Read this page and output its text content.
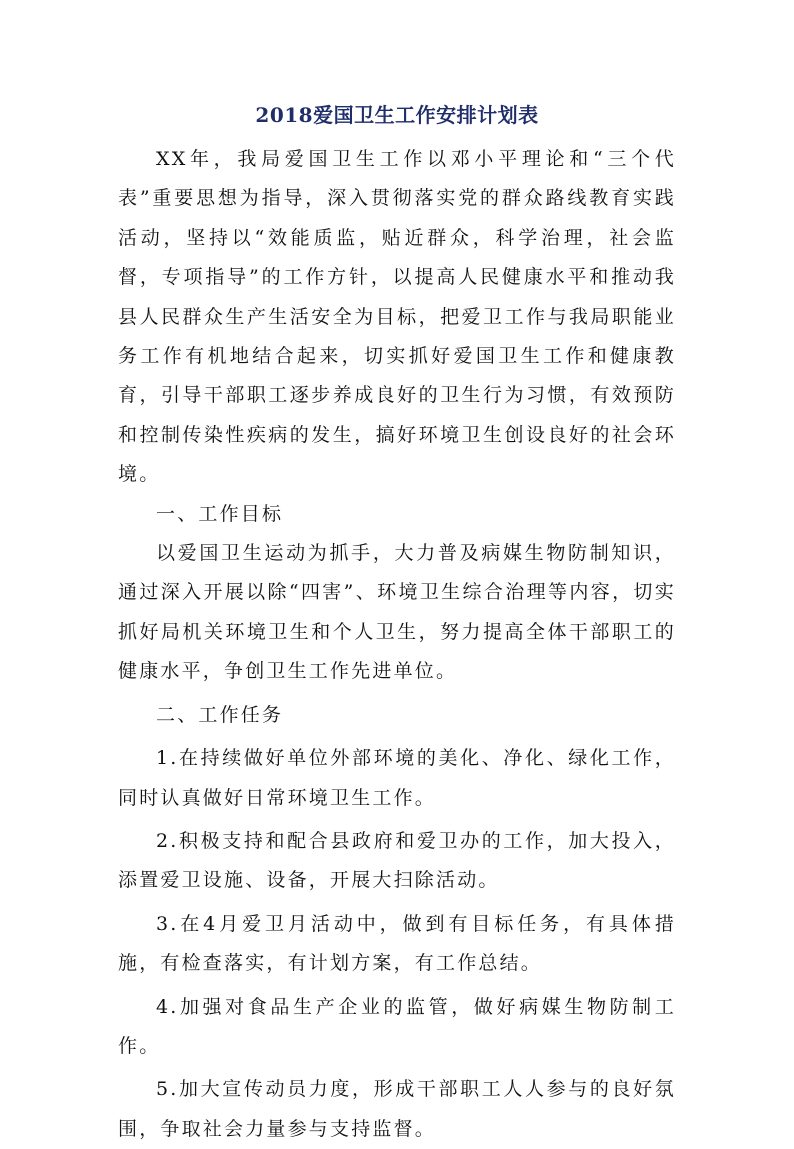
2018爱国卫生工作安排计划表

XX年，我局爱国卫生工作以邓小平理论和“三个代表”重要思想为指导，深入贯彻落实党的群众路线教育实践活动，坚持以“效能质监，贴近群众，科学治理，社会监督，专项指导”的工作方针，以提高人民健康水平和推动我县人民群众生产生活安全为目标，把爱卫工作与我局职能业务工作有机地结合起来，切实抓好爱国卫生工作和健康教育，引导干部职工逐步养成良好的卫生行为习惯，有效预防和控制传染性疾病的发生，搞好环境卫生创设良好的社会环境。

一、工作目标

以爱国卫生运动为抓手，大力普及病媒生物防制知识，通过深入开展以除“四害”、环境卫生综合治理等内容，切实抓好局机关环境卫生和个人卫生，努力提高全体干部职工的健康水平，争创卫生工作先进单位。

二、工作任务

1.在持续做好单位外部环境的美化、净化、绿化工作，同时认真做好日常环境卫生工作。

2.积极支持和配合县政府和爱卫办的工作，加大投入，添置爱卫设施、设备，开展大扫除活动。

3.在4月爱卫月活动中，做到有目标任务，有具体措施，有检查落实，有计划方案，有工作总结。

4.加强对食品生产企业的监管，做好病媒生物防制工作。

5.加大宣传动员力度，形成干部职工人人参与的良好氛围，争取社会力量参与支持监督。
